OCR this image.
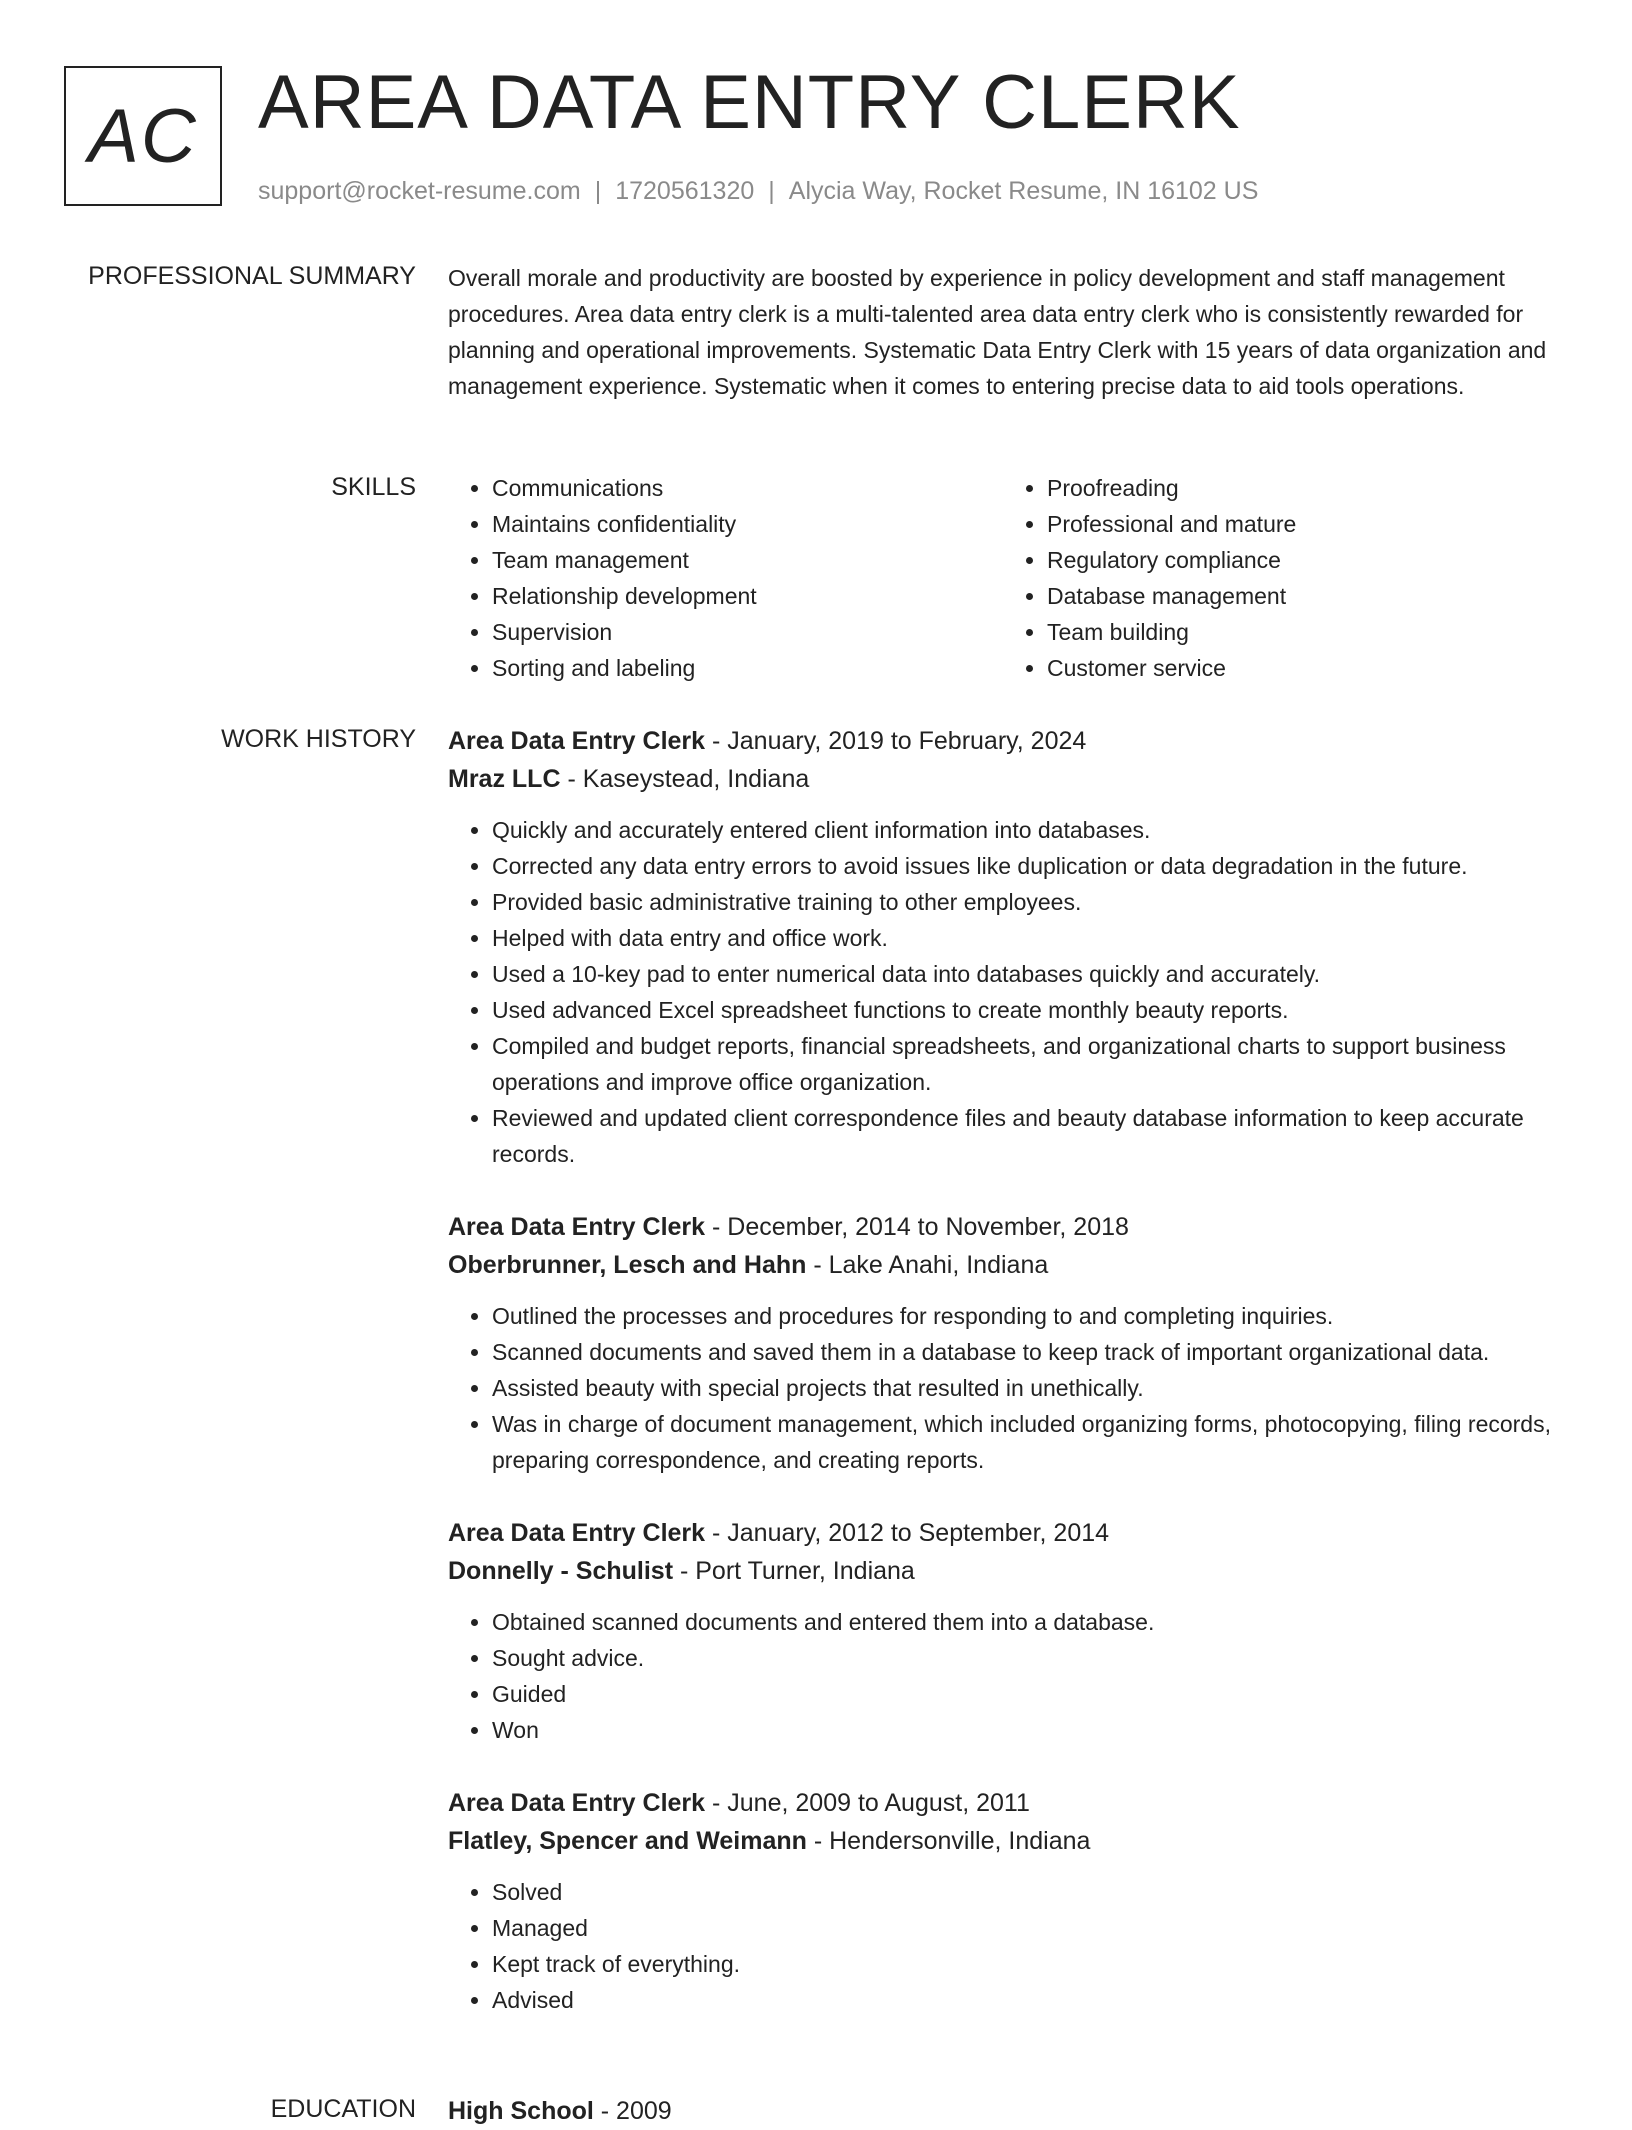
AC AREA DATA ENTRY CLERK
support@rocket-resume.com | 1720561320 | Alycia Way, Rocket Resume, IN 16102 US
PROFESSIONAL SUMMARY Overall morale and productivity are boosted by experience in policy development and staff management procedures. Area data entry clerk is a multi-talented area data entry clerk who is consistently rewarded for planning and operational improvements. Systematic Data Entry Clerk with 15 years of data organization and management experience. Systematic when it comes to entering precise data to aid tools operations.
SKILLS
•	Communications
• Maintains confidentiality
• Team management
• Relationship development
• Supervision
• Sorting and labeling
• Proofreading
• Professional and mature
• Regulatory compliance
• Database management
• Team building
• Customer service
WORK HISTORY Area Data Entry Clerk - January, 2019 to February, 2024
Mraz LLC - Kaseystead, Indiana
• Quickly and accurately entered client information into databases.
• Corrected any data entry errors to avoid issues like duplication or data degradation in the future.
• Provided basic administrative training to other employees.
• Helped with data entry and office work.
• Used a 10-key pad to enter numerical data into databases quickly and accurately.
• Used advanced Excel spreadsheet functions to create monthly beauty reports.
• Compiled and budget reports, financial spreadsheets, and organizational charts to support business operations and improve office organization.
• Reviewed and updated client correspondence files and beauty database information to keep accurate records.
Area Data Entry Clerk - December, 2014 to November, 2018
Oberbrunner, Lesch and Hahn - Lake Anahi, Indiana
• Outlined the processes and procedures for responding to and completing inquiries.
• Scanned documents and saved them in a database to keep track of important organizational data.
• Assisted beauty with special projects that resulted in unethically.
• Was in charge of document management, which included organizing forms, photocopying, filing records, preparing correspondence, and creating reports.
Area Data Entry Clerk - January, 2012 to September, 2014
Donnelly - Schulist - Port Turner, Indiana
• Obtained scanned documents and entered them into a database.
• Sought advice.
• Guided
• Won
Area Data Entry Clerk - June, 2009 to August, 2011
Flatley, Spencer and Weimann - Hendersonville, Indiana
• Solved
• Managed
• Kept track of everything.
• Advised
EDUCATION High School - 2009
